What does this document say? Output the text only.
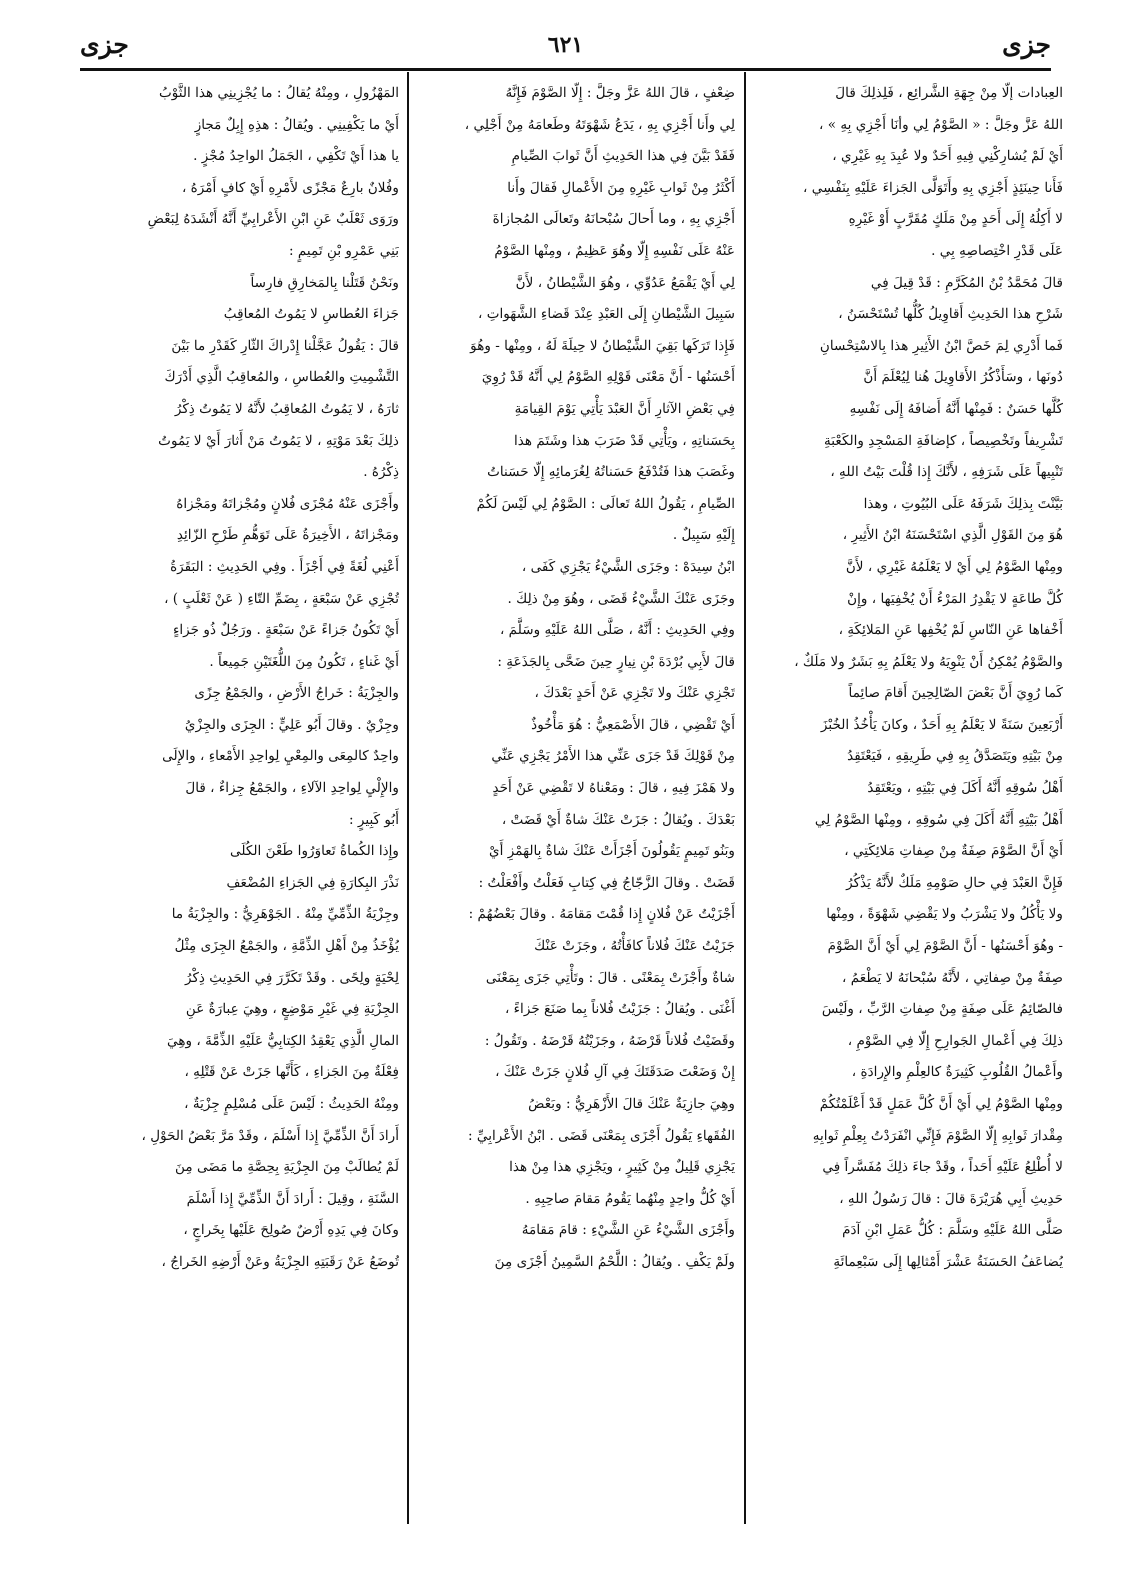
جزى
٦٢١
جزى

العِبادات إلّا مِنْ جِهَةِ الشَّرائِع ، فَلِذلِكَ قالَ
اللهُ عَزَّ وجَلَّ : « الصَّوْمُ لِي وأنَا أَجْزِي بِهِ » ،
أَيْ لَمْ يُشارِكْنِي فِيهِ أَحَدٌ ولا عُبِدَ بِهِ غَيْرِي ،
فَأَنا حِينَئِذٍ أَجْزِي بِهِ وأَتَوَلَّى الجَزاءَ عَلَيْهِ بِنَفْسِي ،
لا أَكِلُهُ إِلَى أَحَدٍ مِنْ مَلَكٍ مُقَرَّبٍ أَوْ غَيْرِهِ
عَلَى قَدْرِ اخْتِصاصِهِ بِي .
قالَ مُحَمَّدُ بْنُ المُكَرَّمِ : قَدْ قِيلَ فِي
شَرْحِ هذا الحَدِيثِ أَقاوِيلُ كُلُّها تُسْتَحْسَنُ ،
فَما أَدْرِي لِمَ خَصَّ ابْنُ الأَثِيرِ هذا بِالاسْتِحْسانِ
دُونَها ، وسَأَذْكُرُ الأَقاوِيلَ هُنا لِيُعْلَمَ أَنَّ
كُلَّها حَسَنٌ : فَمِنْها أَنَّهُ أَضافَهُ إِلَى نَفْسِهِ
تَشْرِيفاً وتَخْصِيصاً ، كإضافَةِ المَسْجِدِ والكَعْبَةِ
تَنْبِيهاً عَلَى شَرَفِهِ ، لأَنَّكَ إِذا قُلْتَ بَيْتُ اللهِ ،
بَيَّنْتَ بِذلِكَ شَرَفَهُ عَلَى البُيُوتِ ، وهذا
هُوَ مِنَ القَوْلِ الَّذِي اسْتَحْسَنَهُ ابْنُ الأَثِيرِ ،
ومِنْها الصَّوْمُ لِي أَيْ لا يَعْلَمُهُ غَيْرِي ، لأَنَّ
كُلَّ طاعَةٍ لا يَقْدِرُ المَرْءُ أَنْ يُخْفِيَها ، وإِنْ
أَخْفاها عَنِ النّاسِ لَمْ يُخْفِها عَنِ المَلائِكَةِ ،
والصَّوْمُ يُمْكِنُ أَنْ يَنْوِيَهُ ولا يَعْلَمُ بِهِ بَشَرٌ ولا مَلَكٌ ،
كَما رُوِيَ أَنَّ بَعْضَ الصّالِحِينَ أَقامَ صائِماً
أَرْبَعِينَ سَنَةً لا يَعْلَمُ بِهِ أَحَدٌ ، وكانَ يَأْخُذُ الخُبْزَ
مِنْ بَيْتِهِ ويَتَصَدَّقُ بِهِ فِي طَرِيقِهِ ، فَيَعْتَقِدُ
أَهْلُ سُوقِهِ أَنَّهُ أَكَلَ فِي بَيْتِهِ ، ويَعْتَقِدُ
أَهْلُ بَيْتِهِ أَنَّهُ أَكَلَ فِي سُوقِهِ ، ومِنْها الصَّوْمُ لِي
أَيْ أَنَّ الصَّوْمَ صِفَةٌ مِنْ صِفاتِ مَلائِكَتِي ،
فَإِنَّ العَبْدَ فِي حالِ صَوْمِهِ مَلَكٌ لأَنَّهُ يَذْكُرُ
ولا يَأْكُلُ ولا يَشْرَبُ ولا يَقْضِي شَهْوَةً ، ومِنْها
- وهُوَ أَحْسَنُها - أَنَّ الصَّوْمَ لِي أَيْ أَنَّ الصَّوْمَ
صِفَةٌ مِنْ صِفاتِي ، لأَنَّهُ سُبْحانَهُ لا يَطْعَمُ ،
فالصّائِمُ عَلَى صِفَةٍ مِنْ صِفاتِ الرَّبِّ ، ولَيْسَ
ذلِكَ فِي أَعْمالِ الجَوارِحِ إِلّا فِي الصَّوْمِ ،
وأَعْمالُ القُلُوبِ كَثِيرَةٌ كالعِلْمِ والإِرادَةِ ،
ومِنْها الصَّوْمُ لِي أَيْ أَنَّ كُلَّ عَمَلٍ قَدْ أَعْلَمْتُكُمْ
مِقْدارَ ثَوابِهِ إِلّا الصَّوْمَ فَإِنِّي انْفَرَدْتُ بِعِلْمِ ثَوابِهِ
لا أُطْلِعُ عَلَيْهِ أَحَداً ، وقَدْ جاءَ ذلِكَ مُفَسَّراً فِي
حَدِيثِ أَبِي هُرَيْرَةَ قالَ : قالَ رَسُولُ اللهِ ،
صَلَّى اللهُ عَلَيْهِ وسَلَّمَ : كُلُّ عَمَلِ ابْنِ آدَمَ
يُضاعَفُ الحَسَنَةُ عَشْرَ أَمْثالِها إِلَى سَبْعِمائَةِ

ضِعْفٍ ، قالَ اللهُ عَزَّ وجَلَّ : إِلّا الصَّوْمَ فَإِنَّهُ
لِي وأَنا أَجْزِي بِهِ ، يَدَعُ شَهْوَتَهُ وطَعامَهُ مِنْ أَجْلِي ،
فَقَدْ بَيَّنَ فِي هذا الحَدِيثِ أَنَّ ثَوابَ الصِّيامِ
أَكْثَرُ مِنْ ثَوابِ غَيْرِهِ مِنَ الأَعْمالِ فَقالَ وأَنا
أَجْزِي بِهِ ، وما أَحالَ سُبْحانَهُ وتَعالَى المُجازاةَ
عَنْهُ عَلَى نَفْسِهِ إِلّا وهُوَ عَظِيمٌ ، ومِنْها الصَّوْمُ
لِي أَيْ يَقْمَعُ عَدُوِّي ، وهُوَ الشَّيْطانُ ، لأَنَّ
سَبِيلَ الشَّيْطانِ إِلَى العَبْدِ عِنْدَ قَضاءِ الشَّهَواتِ ،
فَإِذا تَرَكَها بَقِيَ الشَّيْطانُ لا حِيلَةَ لَهُ ، ومِنْها - وهُوَ
أَحْسَنُها - أَنَّ مَعْنَى قَوْلِهِ الصَّوْمُ لِي أَنَّهُ قَدْ رُوِيَ
فِي بَعْضِ الآثارِ أَنَّ العَبْدَ يَأْتِي يَوْمَ القِيامَةِ
بِحَسَناتِهِ ، ويَأْتِي قَدْ ضَرَبَ هذا وشَتَمَ هذا
وغَصَبَ هذا فَتُدْفَعُ حَسَناتُهُ لِغُرَمائِهِ إِلّا حَسَناتُ
الصِّيامِ ، يَقُولُ اللهُ تَعالَى : الصَّوْمُ لِي لَيْسَ لَكُمْ
إِلَيْهِ سَبِيلٌ .
ابْنُ سِيدَهْ : وجَزَى الشَّيْءُ يَجْزِي كَفَى ،
وجَزَى عَنْكَ الشَّيْءُ قَضَى ، وهُوَ مِنْ ذلِكَ .
وفِي الحَدِيثِ : أَنَّهُ ، صَلَّى اللهُ عَلَيْهِ وسَلَّمَ ،
قالَ لأَبِي بُرْدَةَ بْنِ نِيارٍ حِينَ ضَحَّى بِالجَذَعَةِ :
تَجْزِي عَنْكَ ولا تَجْزِي عَنْ أَحَدٍ بَعْدَكَ ،
أَيْ تَقْضِي ، قالَ الأَصْمَعِيُّ : هُوَ مَأْخُوذٌ
مِنْ قَوْلِكَ قَدْ جَزَى عَنِّي هذا الأَمْرُ يَجْزِي عَنِّي
ولا هَمْزَ فِيهِ ، قالَ : ومَعْناهُ لا تَقْضِي عَنْ أَحَدٍ
بَعْدَكَ . ويُقالُ : جَزَتْ عَنْكَ شاةٌ أَيْ قَضَتْ ،
وبَنُو تَمِيمٍ يَقُولُونَ أَجْزَأَتْ عَنْكَ شاةٌ بِالهَمْزِ أَيْ
قَضَتْ . وقالَ الزَّجّاجُ فِي كِتابِ فَعَلْتُ وأَفْعَلْتُ :
أَجْزَيْتُ عَنْ فُلانٍ إِذا قُمْتَ مَقامَهُ . وقالَ بَعْضُهُمْ :
جَزَيْتُ عَنْكَ فُلاناً كافَأْتُهُ ، وجَزَتْ عَنْكَ
شاةٌ وأَجْزَتْ بِمَعْنًى . قالَ : وتَأْتِي جَزَى بِمَعْنَى
أَغْنَى . ويُقالُ : جَزَيْتُ فُلاناً بِما صَنَعَ جَزاءً ،
وقَضَيْتُ فُلاناً قَرْضَهُ ، وجَزَيْتُهُ قَرْضَهُ . وتَقُولُ :
إِنْ وَضَعْتَ صَدَقَتَكَ فِي آلِ فُلانٍ جَزَتْ عَنْكَ ،
وهِيَ جازِيَةٌ عَنْكَ قالَ الأَزْهَرِيُّ : وبَعْضُ
الفُقَهاءِ يَقُولُ أَجْزَى بِمَعْنَى قَضَى . ابْنُ الأَعْرابِيِّ :
يَجْزِي قَلِيلٌ مِنْ كَثِيرٍ ، ويَجْزِي هذا مِنْ هذا
أَيْ كُلُّ واحِدٍ مِنْهُما يَقُومُ مَقامَ صاحِبِهِ .
وأَجْزَى الشَّيْءُ عَنِ الشَّيْءِ : قامَ مَقامَهُ
ولَمْ يَكْفِ . ويُقالُ : اللَّحْمُ السَّمِينُ أَجْزَى مِنَ

المَهْزُولِ ، ومِنْهُ يُقالُ : ما يُجْزِينِي هذا الثَّوْبُ
أَيْ ما يَكْفِينِي . ويُقالُ : هذِهِ إِبِلٌ مَجازٍ
يا هذا أَيْ تَكْفِي ، الجَمَلُ الواحِدُ مُجْزٍ .
وفُلانٌ بارِعٌ مَجْزًى لأَمْرِهِ أَيْ كافٍ أَمْرَهُ ،
ورَوَى ثَعْلَبٌ عَنِ ابْنِ الأَعْرابِيِّ أَنَّهُ أَنْشَدَهُ لِبَعْضِ
بَنِي عَمْرِو بْنِ تَمِيمٍ :
ونَحْنُ قَتَلْنا بِالمَخارِقِ فارِساً
جَزاءَ العُطاسِ لا يَمُوتُ المُعاقِبُ
قالَ : يَقُولُ عَجَّلْنا إِدْراكَ الثّارِ كَقَدْرِ ما بَيْنَ
التَّشْمِيتِ والعُطاسِ ، والمُعاقِبُ الَّذِي أَدْرَكَ
ثارَهُ ، لا يَمُوتُ المُعاقِبُ لأَنَّهُ لا يَمُوتُ ذِكْرُ
ذلِكَ بَعْدَ مَوْتِهِ ، لا يَمُوتُ مَنْ أَثارَ أَيْ لا يَمُوتُ
ذِكْرُهُ .
وأَجْزَى عَنْهُ مُجْزَى فُلانٍ ومُجْزاتَهُ ومَجْزاهُ
ومَجْزاتَهُ ، الأَخِيرَةُ عَلَى تَوَهُّمِ طَرْحِ الزّائِدِ
أَعْنِي لُغَةً فِي أَجْزَأَ . وفِي الحَدِيثِ : البَقَرَةُ
تُجْزِي عَنْ سَبْعَةٍ ، بِضَمِّ التّاءِ ( عَنْ ثَعْلَبٍ ) ،
أَيْ تَكُونُ جَزاءً عَنْ سَبْعَةٍ . ورَجُلٌ ذُو جَزاءٍ
أَيْ غَناءٍ ، تَكُونُ مِنَ اللُّغَتَيْنِ جَمِيعاً .
والجِزْيَةُ : خَراجُ الأَرْضِ ، والجَمْعُ جِزًى
وجِزْيٌ . وقالَ أَبُو عَلِيٍّ : الجِزَى والجِزْيُ
واحِدٌ كالمِعَى والمِعْيِ لِواحِدِ الأَمْعاءِ ، والإِلَى
والإِلْيِ لِواحِدِ الآلاءِ ، والجَمْعُ جِزاءٌ ، قالَ
أَبُو كَبِيرٍ :
وإِذا الكُماةُ تَعاوَرُوا طَعْنَ الكُلَى
نَذْرَ البِكارَةِ فِي الجَزاءِ المُضْعَفِ
وجِزْيَةُ الذِّمِّيِّ مِنْهُ . الجَوْهَرِيُّ : والجِزْيَةُ ما
يُؤْخَذُ مِنْ أَهْلِ الذِّمَّةِ ، والجَمْعُ الجِزَى مِثْلُ
لِحْيَةٍ ولِحًى . وقَدْ تَكَرَّرَ فِي الحَدِيثِ ذِكْرُ
الجِزْيَةِ فِي غَيْرِ مَوْضِعٍ ، وهِيَ عِبارَةٌ عَنِ
المالِ الَّذِي يَعْقِدُ الكِتابِيُّ عَلَيْهِ الذِّمَّةَ ، وهِيَ
فِعْلَةٌ مِنَ الجَزاءِ ، كَأَنَّها جَزَتْ عَنْ قَتْلِهِ ،
ومِنْهُ الحَدِيثُ : لَيْسَ عَلَى مُسْلِمٍ جِزْيَةٌ ،
أَرادَ أَنَّ الذِّمِّيَّ إِذا أَسْلَمَ ، وقَدْ مَرَّ بَعْضُ الحَوْلِ ،
لَمْ يُطالَبْ مِنَ الجِزْيَةِ بِحِصَّةِ ما مَضَى مِنَ
السَّنَةِ ، وقِيلَ : أَرادَ أَنَّ الذِّمِّيَّ إِذا أَسْلَمَ
وكانَ فِي يَدِهِ أَرْضٌ صُولِحَ عَلَيْها بِخَراجٍ ،
تُوضَعُ عَنْ رَقَبَتِهِ الجِزْيَةُ وعَنْ أَرْضِهِ الخَراجُ ،
